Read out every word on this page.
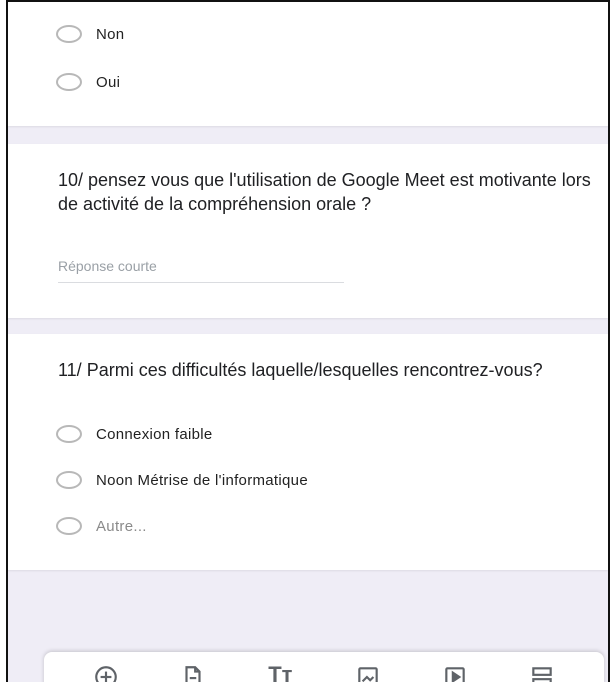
Non
Oui
10/ pensez vous que l'utilisation de Google Meet est motivante lors de activité de la compréhension orale ?
Réponse courte
11/ Parmi ces difficultés laquelle/lesquelles rencontrez-vous?
Connexion faible
Noon Métrise de l'informatique
Autre...
Tт
